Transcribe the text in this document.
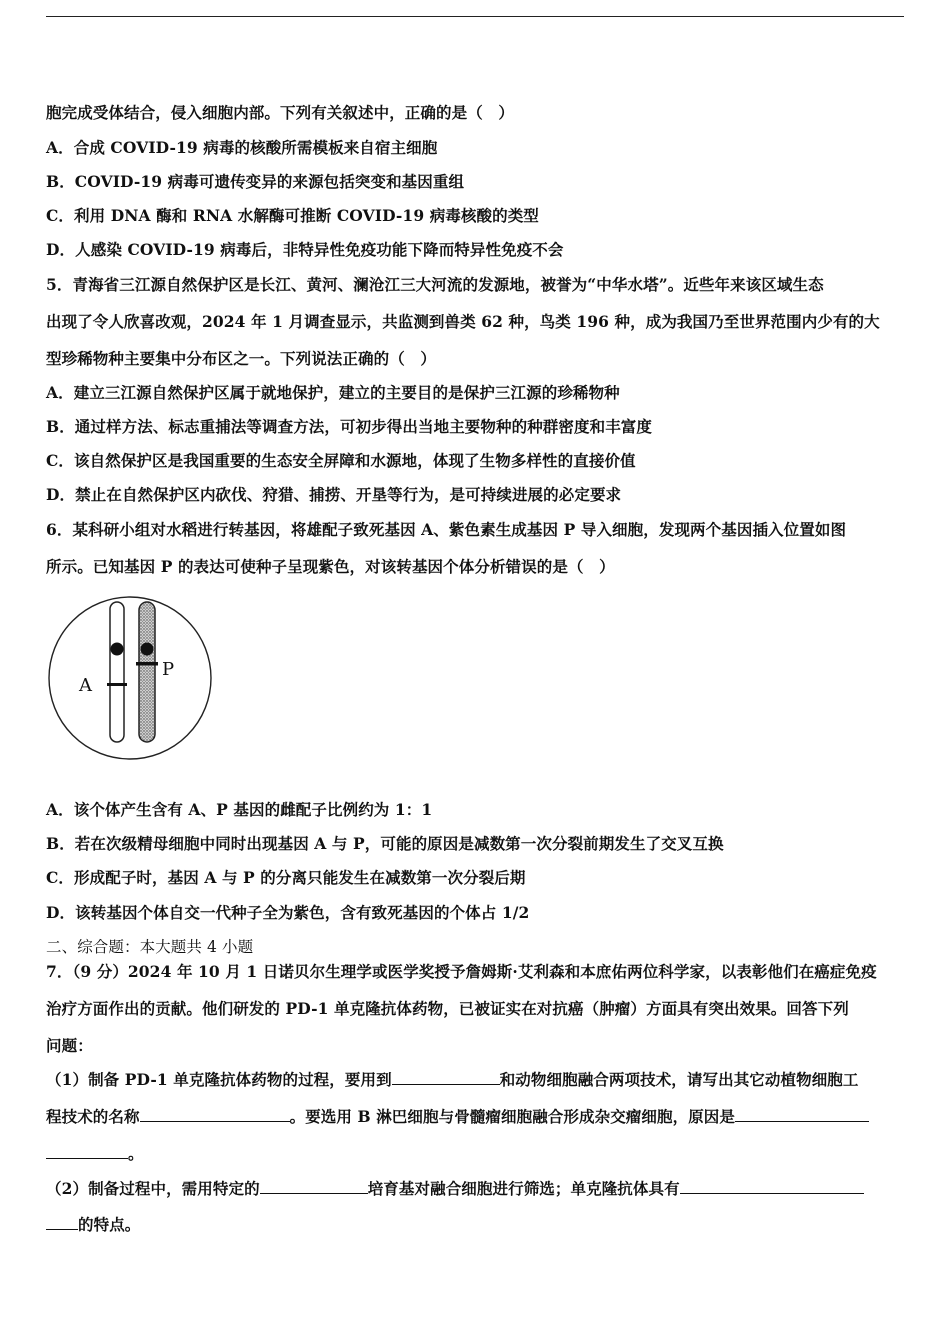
胞完成受体结合，侵入细胞内部。下列有关叙述中，正确的是（　）
A．合成 COVID-19 病毒的核酸所需模板来自宿主细胞
B．COVID-19 病毒可遗传变异的来源包括突变和基因重组
C．利用 DNA 酶和 RNA 水解酶可推断 COVID-19 病毒核酸的类型
D．人感染 COVID-19 病毒后，非特异性免疫功能下降而特异性免疫不会
5．青海省三江源自然保护区是长江、黄河、澜沧江三大河流的发源地，被誉为“中华水塔”。近些年来该区域生态
出现了令人欣喜改观，2024 年 1 月调查显示，共监测到兽类 62 种，鸟类 196 种，成为我国乃至世界范围内少有的大
型珍稀物种主要集中分布区之一。下列说法正确的（　）
A．建立三江源自然保护区属于就地保护，建立的主要目的是保护三江源的珍稀物种
B．通过样方法、标志重捕法等调查方法，可初步得出当地主要物种的种群密度和丰富度
C．该自然保护区是我国重要的生态安全屏障和水源地，体现了生物多样性的直接价值
D．禁止在自然保护区内砍伐、狩猎、捕捞、开垦等行为，是可持续进展的必定要求
6．某科研小组对水稻进行转基因，将雄配子致死基因 A、紫色素生成基因 P 导入细胞，发现两个基因插入位置如图
所示。已知基因 P 的表达可使种子呈现紫色，对该转基因个体分析错误的是（　）
A
P
A．该个体产生含有 A、P 基因的雌配子比例约为 1：1
B．若在次级精母细胞中同时出现基因 A 与 P，可能的原因是减数第一次分裂前期发生了交叉互换
C．形成配子时，基因 A 与 P 的分离只能发生在减数第一次分裂后期
D．该转基因个体自交一代种子全为紫色，含有致死基因的个体占 1/2
二、综合题：本大题共 4 小题
7．（9 分）2024 年 10 月 1 日诺贝尔生理学或医学奖授予詹姆斯·艾利森和本庶佑两位科学家，以表彰他们在癌症免疫
治疗方面作出的贡献。他们研发的 PD-1 单克隆抗体药物，已被证实在对抗癌（肿瘤）方面具有突出效果。回答下列
问题：
（1）制备 PD-1 单克隆抗体药物的过程，要用到	和动物细胞融合两项技术，请写出其它动植物细胞工
程技术的名称	。要选用 B 淋巴细胞与骨髓瘤细胞融合形成杂交瘤细胞，原因是
。
（2）制备过程中，需用特定的	培育基对融合细胞进行筛选；单克隆抗体具有
的特点。
